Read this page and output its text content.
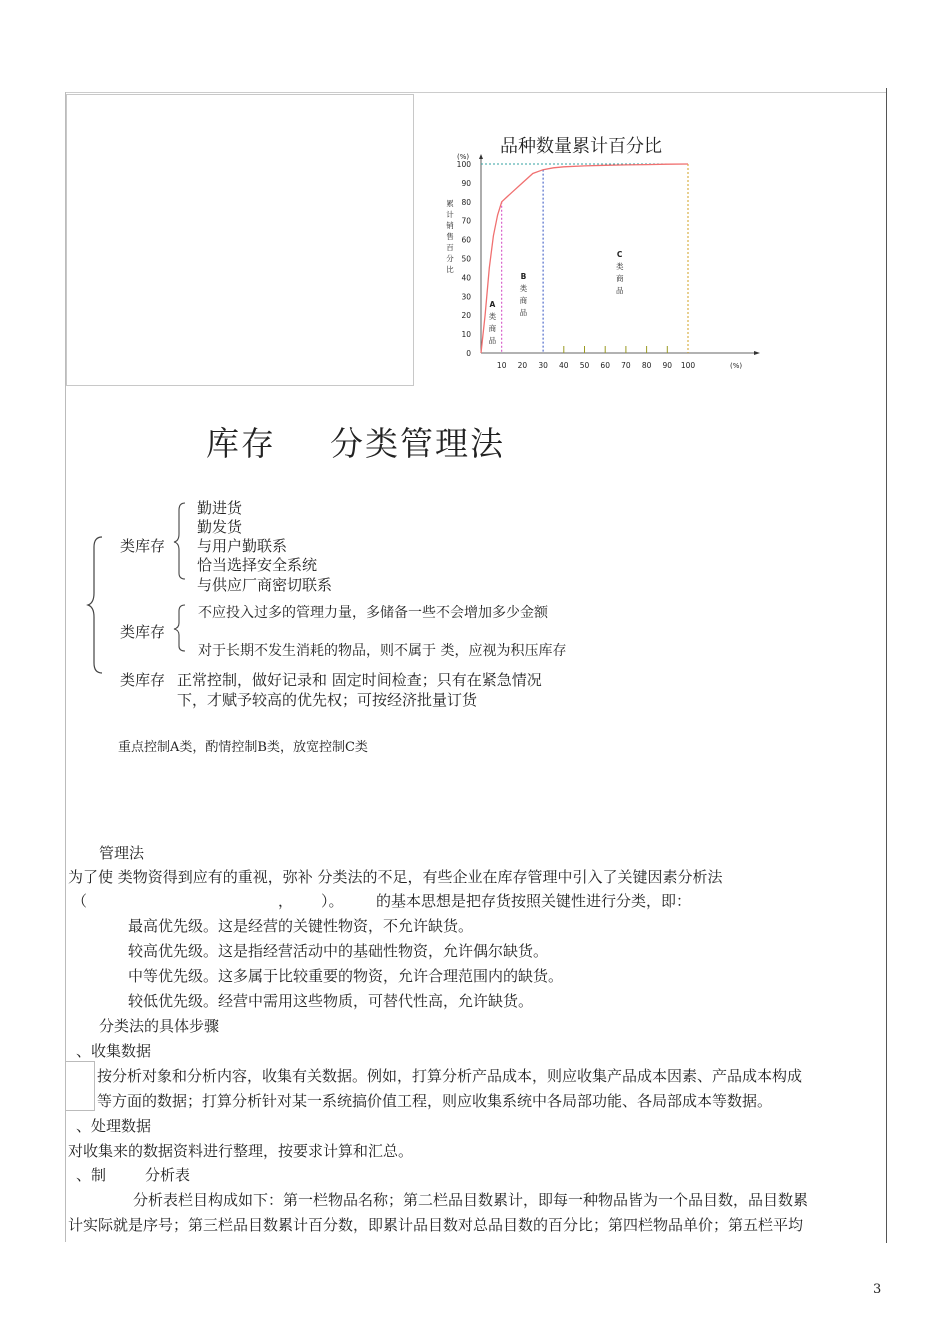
品种数量累计百分比
(%)
(%)
100
90
80
70
60
50
40
30
20
10
0
累
计
销
售
百
分
比
10 20 30 40 50 60 70 80 90 100
A
类
商
品
B
类
商
品
C
类
商
品
库存 分类管理法
类库存
勤进货
勤发货
与用户勤联系
恰当选择安全系统
与供应厂商密切联系
类库存
不应投入过多的管理力量，多储备一些不会增加多少金额
对于长期不发生消耗的物品，则不属于 类，应视为积压库存
类库存 正常控制，做好记录和 固定时间检查；只有在紧急情况
下，才赋予较高的优先权；可按经济批量订货
重点控制A类，酌情控制B类，放宽控制C类
管理法
为了使 类物资得到应有的重视，弥补 分类法的不足，有些企业在库存管理中引入了关键因素分析法
（	， ）。 的基本思想是把存货按照关键性进行分类，即：
最高优先级。这是经营的关键性物资，不允许缺货。
较高优先级。这是指经营活动中的基础性物资，允许偶尔缺货。
中等优先级。这多属于比较重要的物资，允许合理范围内的缺货。
较低优先级。经营中需用这些物质，可替代性高，允许缺货。
分类法的具体步骤
、收集数据
按分析对象和分析内容，收集有关数据。例如，打算分析产品成本，则应收集产品成本因素、产品成本构成
等方面的数据；打算分析针对某一系统搞价值工程，则应收集系统中各局部功能、各局部成本等数据。
、处理数据
对收集来的数据资料进行整理，按要求计算和汇总。
、制	分析表
分析表栏目构成如下：第一栏物品名称；第二栏品目数累计，即每一种物品皆为一个品目数，品目数累
计实际就是序号；第三栏品目数累计百分数，即累计品目数对总品目数的百分比；第四栏物品单价；第五栏平均
3
